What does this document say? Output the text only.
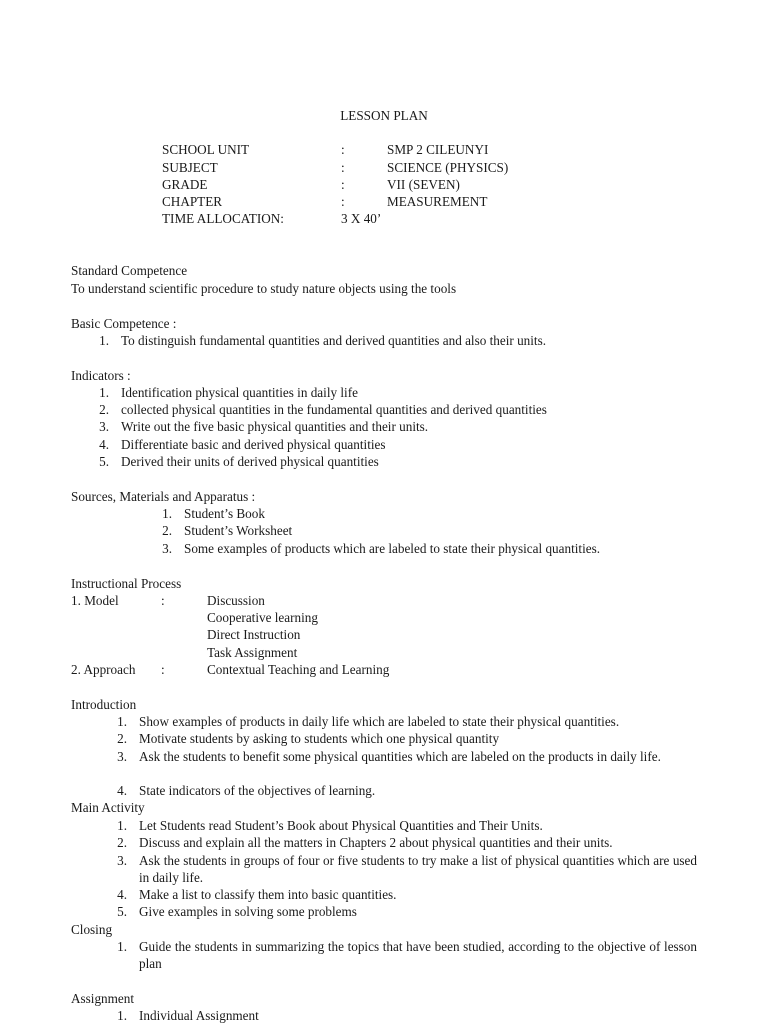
LESSON PLAN
SCHOOL UNIT	:	SMP 2 CILEUNYI
SUBJECT	:	SCIENCE (PHYSICS)
GRADE	:	VII (SEVEN)
CHAPTER	:	MEASUREMENT
TIME ALLOCATION:	3 X 40’
Standard Competence
To understand scientific procedure to study nature objects using the tools
Basic Competence :
1. To distinguish fundamental quantities and derived quantities and also their units.
Indicators :
1. Identification physical quantities in daily life
2. collected physical quantities in the fundamental quantities and derived quantities
3. Write out the five basic physical quantities and their units.
4. Differentiate basic and derived physical quantities
5. Derived their units of derived physical quantities
Sources, Materials and Apparatus :
1. Student’s Book
2. Student’s Worksheet
3. Some examples of products which are labeled to state their physical quantities.
Instructional Process
1. Model	:	Discussion
Cooperative learning
Direct Instruction
Task Assignment
2. Approach :	Contextual Teaching and Learning
Introduction
1. Show examples of products in daily life which are labeled to state their physical quantities.
2. Motivate students by asking to students which one physical quantity
3. Ask the students to benefit some physical quantities which are labeled on the products in daily life.
4. State indicators of the objectives of learning.
Main Activity
1. Let Students read Student’s Book about Physical Quantities and Their Units.
2. Discuss and explain all the matters in Chapters 2 about physical quantities and their units.
3. Ask the students in groups of four or five students to try make a list of physical quantities which are used in daily life.
4. Make a list to classify them into basic quantities.
5. Give examples in solving some problems
Closing
1. Guide the students in summarizing the topics that have been studied, according to the objective of lesson plan
Assignment
1. Individual Assignment
